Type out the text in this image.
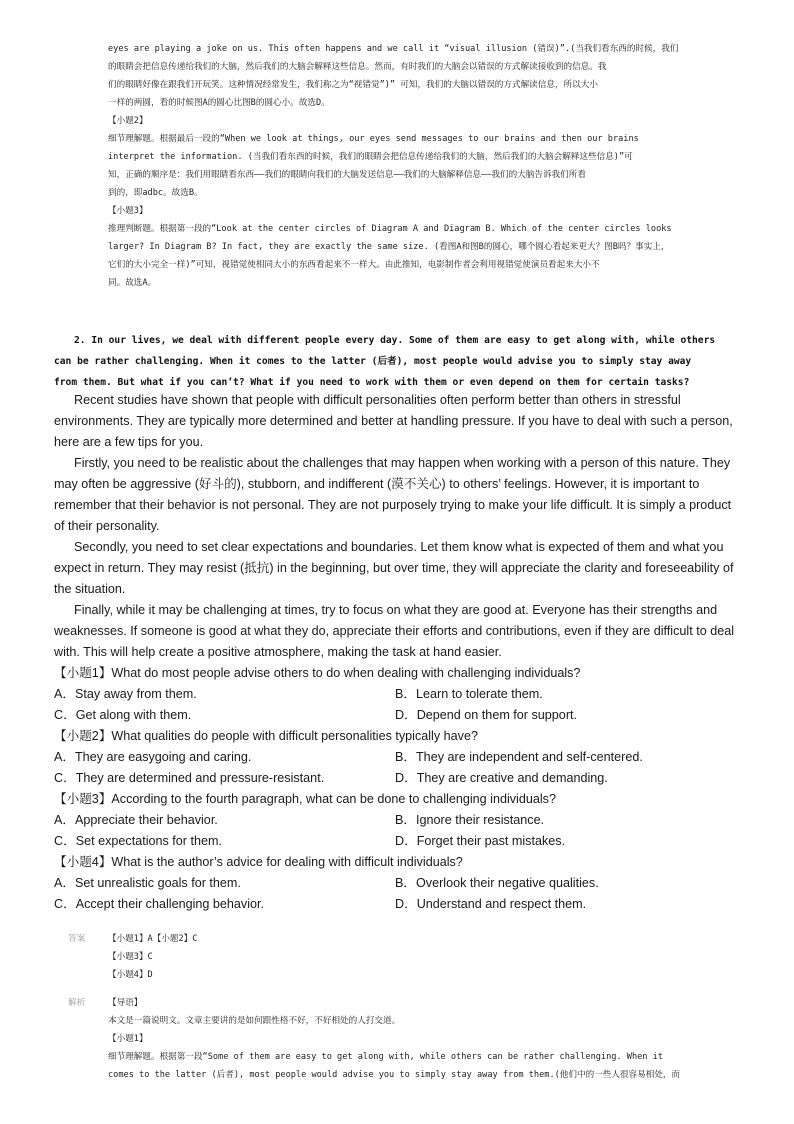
eyes are playing a joke on us. This often happens and we call it “visual illusion (错误)”.(当我们看东西的时候，我们

的眼睛会把信息传递给我们的大脑，然后我们的大脑会解释这些信息。然而，有时我们的大脑会以错误的方式解读接收到的信息。我

们的眼睛好像在跟我们开玩笑。这种情况经常发生，我们称之为“视错觉”)” 可知，我们的大脑以错误的方式解读信息，所以大小

一样的两圆，看的时候图A的圆心比图B的圆心小。故选D。

【小题2】

细节理解题。根据最后一段的“When we look at things, our eyes send messages to our brains and then our brains

interpret the information. (当我们看东西的时候，我们的眼睛会把信息传递给我们的大脑，然后我们的大脑会解释这些信息)”可

知，正确的顺序是：我们用眼睛看东西——我们的眼睛向我们的大脑发送信息——我们的大脑解释信息——我们的大脑告诉我们所看

到的，即adbc。故选B。

【小题3】

推理判断题。根据第一段的“Look at the center circles of Diagram A and Diagram B. Which of the center circles looks

larger? In Diagram B? In fact, they are exactly the same size. (看图A和图B的圆心，哪个圆心看起来更大？图B吗？事实上，

它们的大小完全一样)”可知，视错觉使相同大小的东西看起来不一样大。由此推知，电影制作者会利用视错觉使演员看起来大小不

同。故选A。

2. In our lives, we deal with different people every day. Some of them are easy to get along with, while others

can be rather challenging. When it comes to the latter (后者), most people would advise you to simply stay away

from them. But what if you can’t? What if you need to work with them or even depend on them for certain tasks?

Recent studies have shown that people with difficult personalities often perform better than others in stressful environments. They are typically more determined and better at handling pressure. If you have to deal with such a person, here are a few tips for you.

Firstly, you need to be realistic about the challenges that may happen when working with a person of this nature. They may often be aggressive (好斗的), stubborn, and indifferent (漠不关心) to others’ feelings. However, it is important to remember that their behavior is not personal. They are not purposely trying to make your life difficult. It is simply a product of their personality.

Secondly, you need to set clear expectations and boundaries. Let them know what is expected of them and what you expect in return. They may resist (抵抗) in the beginning, but over time, they will appreciate the clarity and foreseeability of the situation.

Finally, while it may be challenging at times, try to focus on what they are good at. Everyone has their strengths and weaknesses. If someone is good at what they do, appreciate their efforts and contributions, even if they are difficult to deal with. This will help create a positive atmosphere, making the task at hand easier.

【小题1】What do most people advise others to do when dealing with challenging individuals?

A．Stay away from them.	B．Learn to tolerate them.
C．Get along with them.	D．Depend on them for support.

【小题2】What qualities do people with difficult personalities typically have?

A．They are easygoing and caring.	B．They are independent and self-centered.
C．They are determined and pressure-resistant.	D．They are creative and demanding.

【小题3】According to the fourth paragraph, what can be done to challenging individuals?

A．Appreciate their behavior.	B．Ignore their resistance.
C．Set expectations for them.	D．Forget their past mistakes.

【小题4】What is the author’s advice for dealing with difficult individuals?

A．Set unrealistic goals for them.	B．Overlook their negative qualities.
C．Accept their challenging behavior.	D．Understand and respect them.
答案	【小题1】A【小题2】C

【小题3】C

【小题4】D

解析	【导语】

本文是一篇说明文。文章主要讲的是如何跟性格不好，不好相处的人打交道。

【小题1】

细节理解题。根据第一段“Some of them are easy to get along with, while others can be rather challenging. When it

comes to the latter (后者), most people would advise you to simply stay away from them.(他们中的一些人很容易相处，而
